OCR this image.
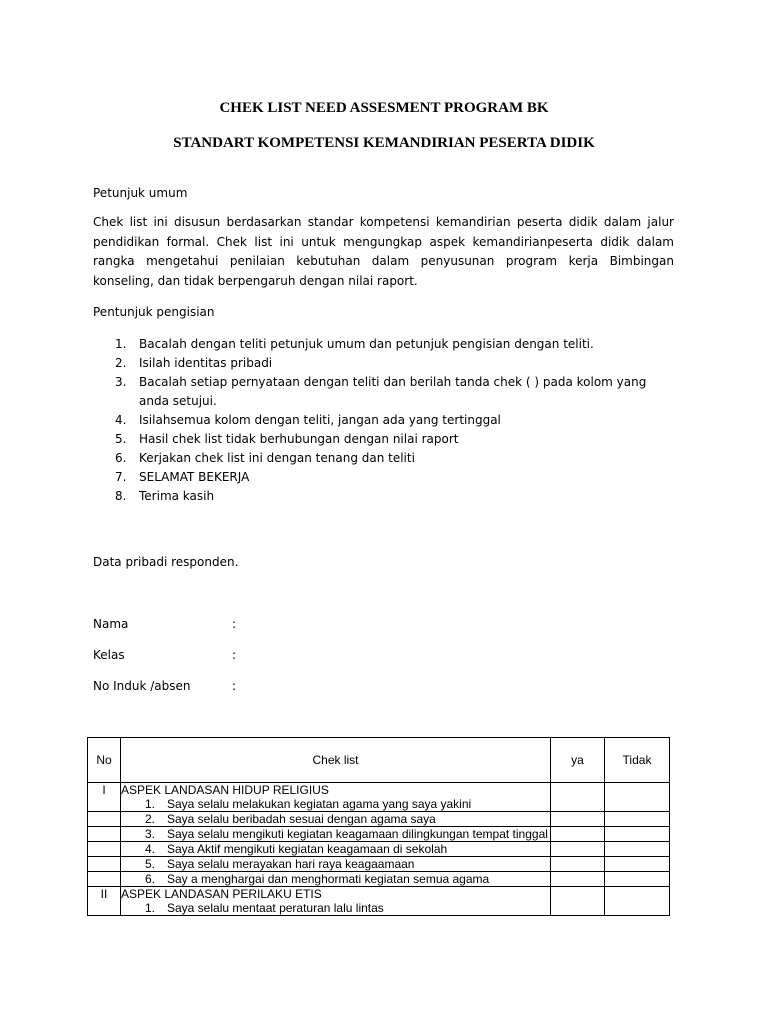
CHEK LIST NEED ASSESMENT PROGRAM BK
STANDART KOMPETENSI KEMANDIRIAN PESERTA DIDIK
Petunjuk umum

Chek list ini disusun berdasarkan standar kompetensi kemandirian peserta didik dalam jalur pendidikan formal. Chek list ini untuk mengungkap aspek kemandirianpeserta didik dalam rangka mengetahui penilaian kebutuhan dalam penyusunan program kerja Bimbingan konseling, dan tidak berpengaruh dengan nilai raport.

Pentunjuk pengisian
1. Bacalah dengan teliti petunjuk umum dan petunjuk pengisian dengan teliti.
2. Isilah identitas pribadi
3. Bacalah setiap pernyataan dengan teliti dan berilah tanda chek ( ) pada kolom yang anda setujui.
4. Isilahsemua kolom dengan teliti, jangan ada yang tertinggal
5. Hasil chek list tidak berhubungan dengan nilai raport
6. Kerjakan chek list ini dengan tenang dan teliti
7. SELAMAT BEKERJA
8. Terima kasih
Data pribadi responden.
Nama	:
Kelas	:
No Induk /absen	:
No	Chek list	ya	Tidak
I	ASPEK LANDASAN HIDUP RELIGIUS
1. Saya selalu melakukan kegiatan agama yang saya yakini		

	2. Saya selalu beribadah sesuai dengan agama saya		

	3. Saya selalu mengikuti kegiatan keagamaan dilingkungan tempat tinggal		

	4. Saya Aktif mengikuti kegiatan keagamaan di sekolah		

	5. Saya selalu merayakan hari raya keagaamaan		

	6. Say a menghargai dan menghormati kegiatan semua agama		

II	ASPEK LANDASAN PERILAKU ETIS
1. Saya selalu mentaat peraturan lalu lintas		
